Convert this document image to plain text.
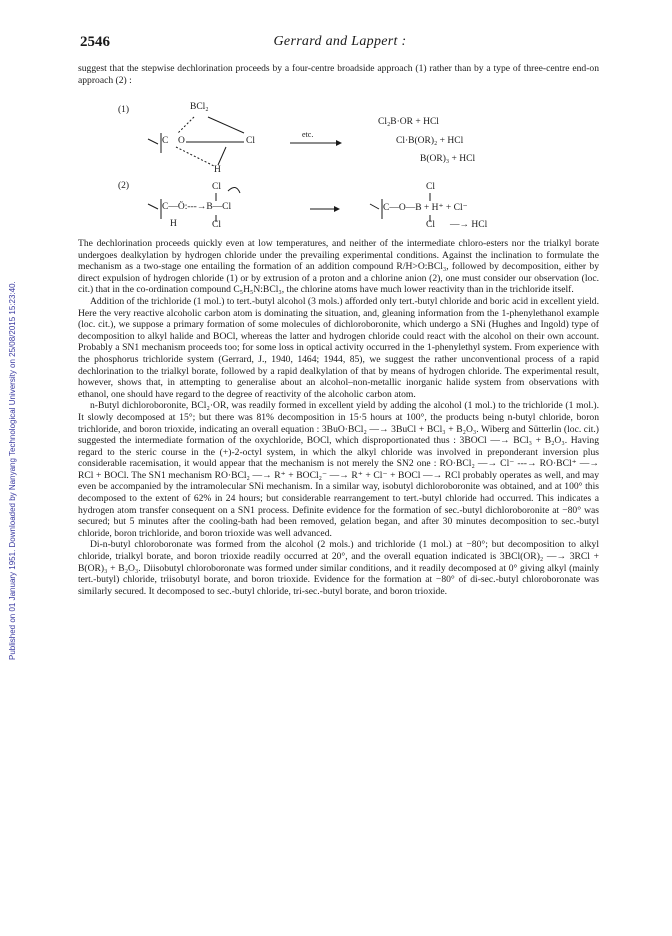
Published on 01 January 1951. Downloaded by Nanyang Technological University on 25/08/2015 15:23:40.
2546	Gerrard and Lappert :

suggest that the stepwise dechlorination proceeds by a four-centre broadside approach (1) rather than by a type of three-centre end-on approach (2) :

(1)	BCl₂
C O	Cl
H
etc.
Cl₂B·OR + HCl
Cl·B(OR)₂ + HCl
B(OR)₃ + HCl
(2)	Cl
C—Ö:---→B—Cl
H	Cl
Cl
C—O—B + H⁺ + Cl⁻
Cl —→ HCl

The dechlorination proceeds quickly even at low temperatures, and neither of the intermediate chloro-esters nor the trialkyl borate undergoes dealkylation by hydrogen chloride under the prevailing experimental conditions. Against the inclination to formulate the mechanism as a two-stage one entailing the formation of an addition compound R/H>O:BCl₃, followed by decomposition, either by direct expulsion of hydrogen chloride (1) or by extrusion of a proton and a chlorine anion (2), one must consider our observation (loc. cit.) that in the co-ordination compound C₅H₅N:BCl₃, the chlorine atoms have much lower reactivity than in the trichloride itself.

Addition of the trichloride (1 mol.) to tert.-butyl alcohol (3 mols.) afforded only tert.-butyl chloride and boric acid in excellent yield. Here the very reactive alcoholic carbon atom is dominating the situation, and, gleaning information from the 1-phenylethanol example (loc. cit.), we suppose a primary formation of some molecules of dichloroboronite, which undergo a SNi (Hughes and Ingold) type of decomposition to alkyl halide and BOCl, whereas the latter and hydrogen chloride could react with the alcohol on their own account. Probably a SN1 mechanism proceeds too; for some loss in optical activity occurred in the 1-phenylethyl system. From experience with the phosphorus trichloride system (Gerrard, J., 1940, 1464; 1944, 85), we suggest the rather unconventional process of a rapid dechlorination to the trialkyl borate, followed by a rapid dealkylation of that by means of hydrogen chloride. The experimental result, however, shows that, in attempting to generalise about an alcohol–non-metallic inorganic halide system from observations with ethanol, one should have regard to the degree of reactivity of the alcoholic carbon atom.

n-Butyl dichloroboronite, BCl₂·OR, was readily formed in excellent yield by adding the alcohol (1 mol.) to the trichloride (1 mol.). It slowly decomposed at 15°; but there was 81% decomposition in 15·5 hours at 100°, the products being n-butyl chloride, boron trichloride, and boron trioxide, indicating an overall equation : 3BuO·BCl₂ —→ 3BuCl + BCl₃ + B₂O₃. Wiberg and Sütterlin (loc. cit.) suggested the intermediate formation of the oxychloride, BOCl, which disproportionated thus : 3BOCl —→ BCl₃ + B₂O₃. Having regard to the steric course in the (+)-2-octyl system, in which the alkyl chloride was involved in preponderant inversion plus considerable racemisation, it would appear that the mechanism is not merely the SN2 one : RO·BCl₂ —→ Cl⁻ ---→ RO·BCl⁺ —→ RCl + BOCl. The SN1 mechanism RO·BCl₂ —→ R⁺ + BOCl₂⁻ —→ R⁺ + Cl⁻ + BOCl —→ RCl probably operates as well, and may even be accompanied by the intramolecular SNi mechanism. In a similar way, isobutyl dichloroboronite was obtained, and at 100° this decomposed to the extent of 62% in 24 hours; but considerable rearrangement to tert.-butyl chloride had occurred. This indicates a hydrogen atom transfer consequent on a SN1 process. Definite evidence for the formation of sec.-butyl dichloroboronite at −80° was secured; but 5 minutes after the cooling-bath had been removed, gelation began, and after 30 minutes decomposition to sec.-butyl chloride, boron trichloride, and boron trioxide was well advanced.

Di-n-butyl chloroboronate was formed from the alcohol (2 mols.) and trichloride (1 mol.) at −80°; but decomposition to alkyl chloride, trialkyl borate, and boron trioxide readily occurred at 20°, and the overall equation indicated is 3BCl(OR)₂ —→ 3RCl + B(OR)₃ + B₂O₃. Diisobutyl chloroboronate was formed under similar conditions, and it readily decomposed at 0° giving alkyl (mainly tert.-butyl) chloride, triisobutyl borate, and boron trioxide. Evidence for the formation at −80° of di-sec.-butyl chloroboronate was similarly secured. It decomposed to sec.-butyl chloride, tri-sec.-butyl borate, and boron trioxide.
